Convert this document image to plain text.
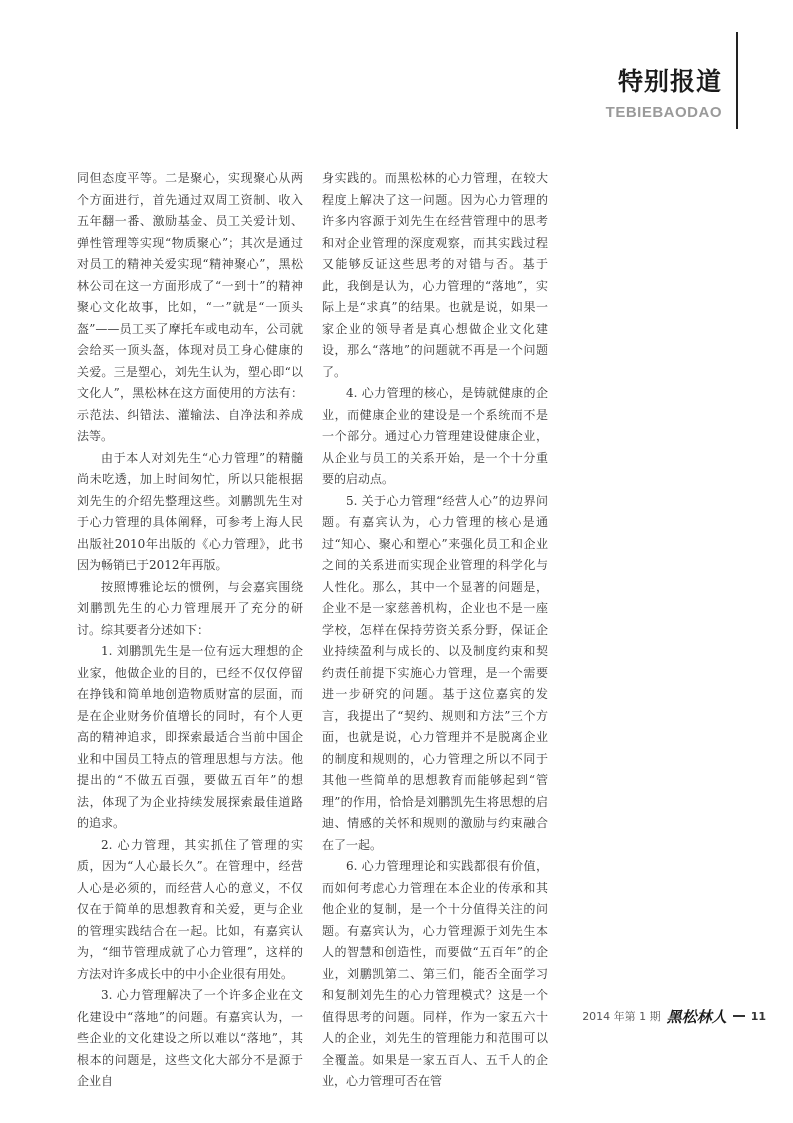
特别报道
TEBIEBAODAO

同但态度平等。二是聚心，实现聚心从两个方面进行，首先通过双周工资制、收入五年翻一番、激励基金、员工关爱计划、弹性管理等实现“物质聚心”；其次是通过对员工的精神关爱实现“精神聚心”，黑松林公司在这一方面形成了“一到十”的精神聚心文化故事，比如，“一”就是“一顶头盔”——员工买了摩托车或电动车，公司就会给买一顶头盔，体现对员工身心健康的关爱。三是塑心，刘先生认为，塑心即“以文化人”，黑松林在这方面使用的方法有：示范法、纠错法、灌输法、自净法和养成法等。

由于本人对刘先生“心力管理”的精髓尚未吃透，加上时间匆忙，所以只能根据刘先生的介绍先整理这些。刘鹏凯先生对于心力管理的具体阐释，可参考上海人民出版社2010年出版的《心力管理》，此书因为畅销已于2012年再版。

按照博雅论坛的惯例，与会嘉宾围绕刘鹏凯先生的心力管理展开了充分的研讨。综其要者分述如下：

1. 刘鹏凯先生是一位有远大理想的企业家，他做企业的目的，已经不仅仅停留在挣钱和简单地创造物质财富的层面，而是在企业财务价值增长的同时，有个人更高的精神追求，即探索最适合当前中国企业和中国员工特点的管理思想与方法。他提出的“不做五百强，要做五百年”的想法，体现了为企业持续发展探索最佳道路的追求。

2. 心力管理，其实抓住了管理的实质，因为“人心最长久”。在管理中，经营人心是必须的，而经营人心的意义，不仅仅在于简单的思想教育和关爱，更与企业的管理实践结合在一起。比如，有嘉宾认为，“细节管理成就了心力管理”，这样的方法对许多成长中的中小企业很有用处。

3. 心力管理解决了一个许多企业在文化建设中“落地”的问题。有嘉宾认为，一些企业的文化建设之所以难以“落地”，其根本的问题是，这些文化大部分不是源于企业自

身实践的。而黑松林的心力管理，在较大程度上解决了这一问题。因为心力管理的许多内容源于刘先生在经营管理中的思考和对企业管理的深度观察，而其实践过程又能够反证这些思考的对错与否。基于此，我倒是认为，心力管理的“落地”，实际上是“求真”的结果。也就是说，如果一家企业的领导者是真心想做企业文化建设，那么“落地”的问题就不再是一个问题了。

4. 心力管理的核心，是铸就健康的企业，而健康企业的建设是一个系统而不是一个部分。通过心力管理建设健康企业，从企业与员工的关系开始，是一个十分重要的启动点。

5. 关于心力管理“经营人心”的边界问题。有嘉宾认为，心力管理的核心是通过“知心、聚心和塑心”来强化员工和企业之间的关系进而实现企业管理的科学化与人性化。那么，其中一个显著的问题是，企业不是一家慈善机构，企业也不是一座学校，怎样在保持劳资关系分野，保证企业持续盈利与成长的、以及制度约束和契约责任前提下实施心力管理，是一个需要进一步研究的问题。基于这位嘉宾的发言，我提出了“契约、规则和方法”三个方面，也就是说，心力管理并不是脱离企业的制度和规则的，心力管理之所以不同于其他一些简单的思想教育而能够起到“管理”的作用，恰恰是刘鹏凯先生将思想的启迪、情感的关怀和规则的激励与约束融合在了一起。

6. 心力管理理论和实践都很有价值，而如何考虑心力管理在本企业的传承和其他企业的复制，是一个十分值得关注的问题。有嘉宾认为，心力管理源于刘先生本人的智慧和创造性，而要做“五百年”的企业，刘鹏凯第二、第三们，能否全面学习和复制刘先生的心力管理模式？这是一个值得思考的问题。同样，作为一家五六十人的企业，刘先生的管理能力和范围可以全覆盖。如果是一家五百人、五千人的企业，心力管理可否在管

2014 年第 1 期 黑松林人 11
